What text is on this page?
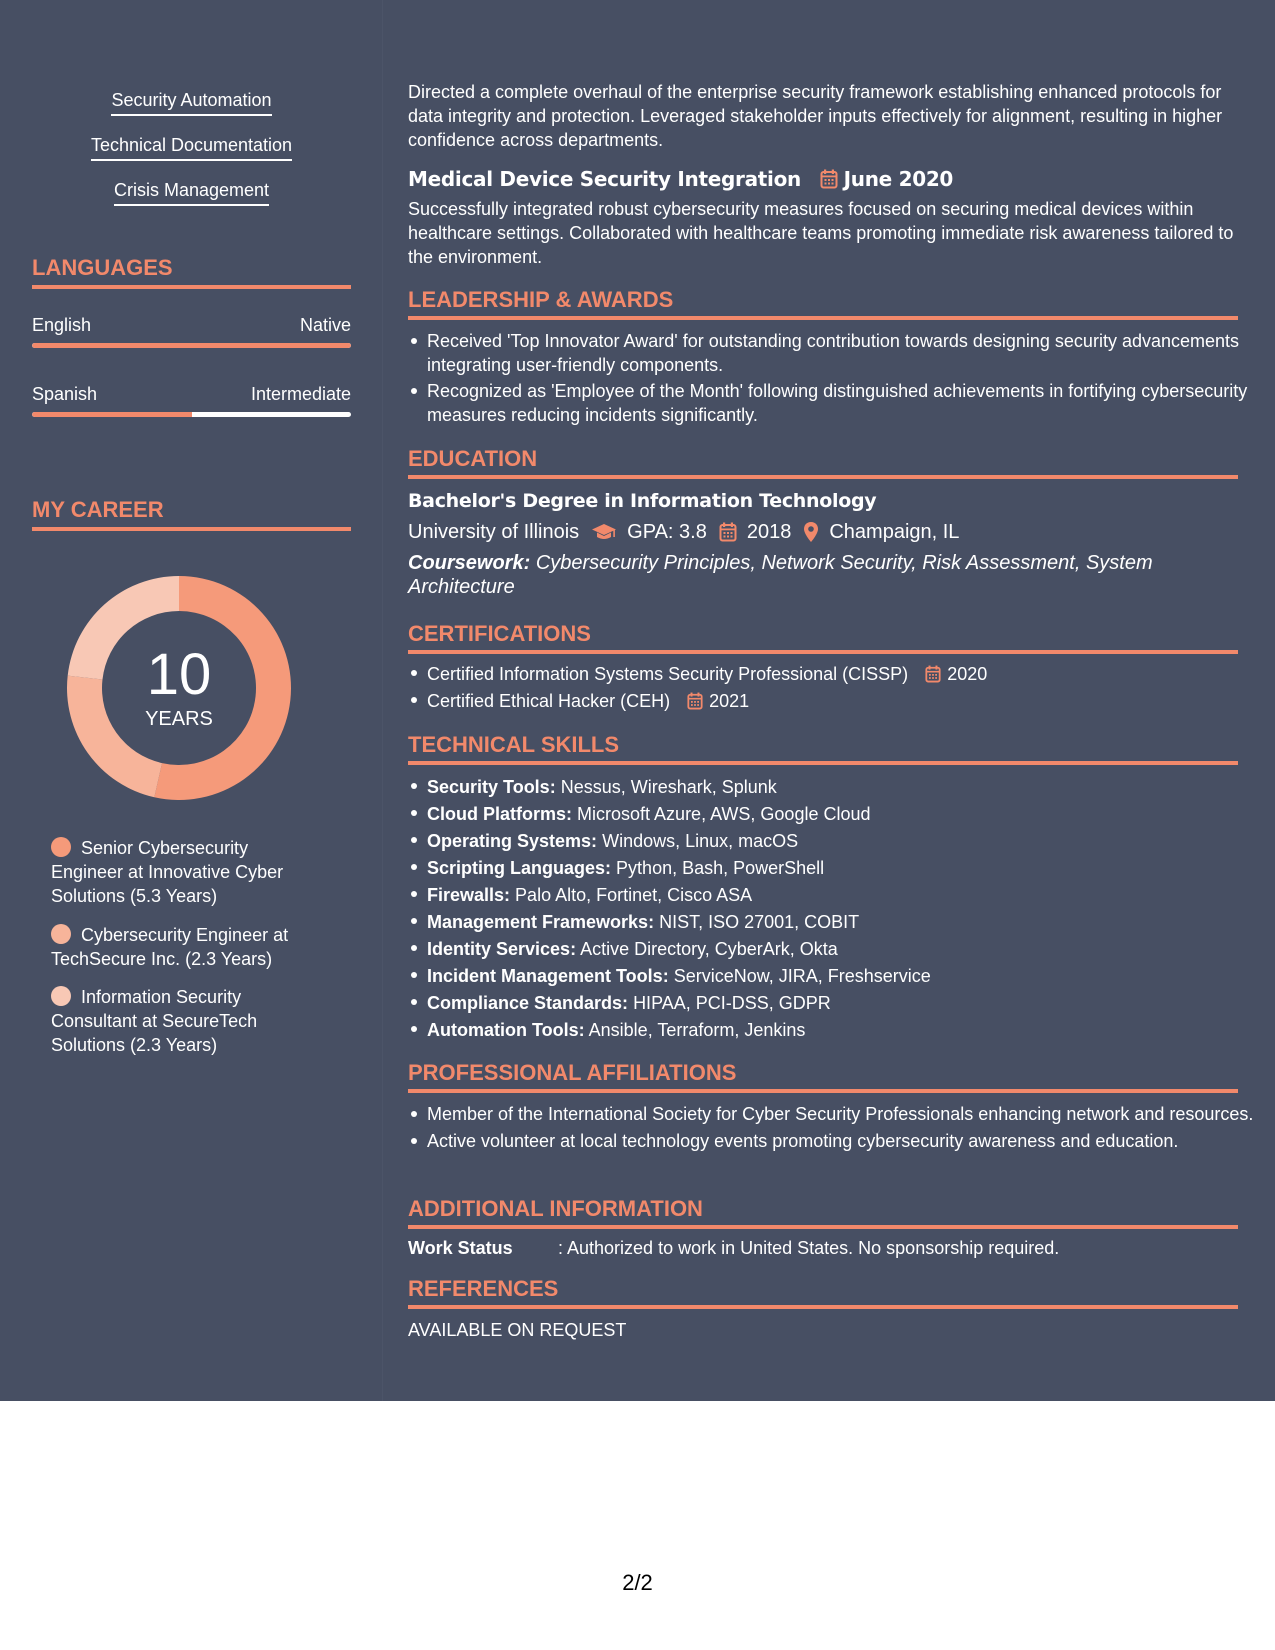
Security Automation
Technical Documentation
Crisis Management
LANGUAGES
English	Native
Spanish	Intermediate
MY CAREER
10
YEARS
Senior Cybersecurity Engineer at Innovative Cyber Solutions (5.3 Years)
Cybersecurity Engineer at TechSecure Inc. (2.3 Years)
Information Security Consultant at SecureTech Solutions (2.3 Years)
Directed a complete overhaul of the enterprise security framework establishing enhanced protocols for data integrity and protection. Leveraged stakeholder inputs effectively for alignment, resulting in higher confidence across departments.
Medical Device Security Integration June 2020
Successfully integrated robust cybersecurity measures focused on securing medical devices within healthcare settings. Collaborated with healthcare teams promoting immediate risk awareness tailored to the environment.
LEADERSHIP & AWARDS
Received 'Top Innovator Award' for outstanding contribution towards designing security advancements integrating user-friendly components.
Recognized as 'Employee of the Month' following distinguished achievements in fortifying cybersecurity measures reducing incidents significantly.
EDUCATION
Bachelor's Degree in Information Technology
University of Illinois GPA: 3.8 2018 Champaign, IL
Coursework: Cybersecurity Principles, Network Security, Risk Assessment, System Architecture
CERTIFICATIONS
Certified Information Systems Security Professional (CISSP) 2020
Certified Ethical Hacker (CEH) 2021
TECHNICAL SKILLS
Security Tools: Nessus, Wireshark, Splunk
Cloud Platforms: Microsoft Azure, AWS, Google Cloud
Operating Systems: Windows, Linux, macOS
Scripting Languages: Python, Bash, PowerShell
Firewalls: Palo Alto, Fortinet, Cisco ASA
Management Frameworks: NIST, ISO 27001, COBIT
Identity Services: Active Directory, CyberArk, Okta
Incident Management Tools: ServiceNow, JIRA, Freshservice
Compliance Standards: HIPAA, PCI-DSS, GDPR
Automation Tools: Ansible, Terraform, Jenkins
PROFESSIONAL AFFILIATIONS
Member of the International Society for Cyber Security Professionals enhancing network and resources.
Active volunteer at local technology events promoting cybersecurity awareness and education.
ADDITIONAL INFORMATION
Work Status	: Authorized to work in United States. No sponsorship required.
REFERENCES
AVAILABLE ON REQUEST
2/2
